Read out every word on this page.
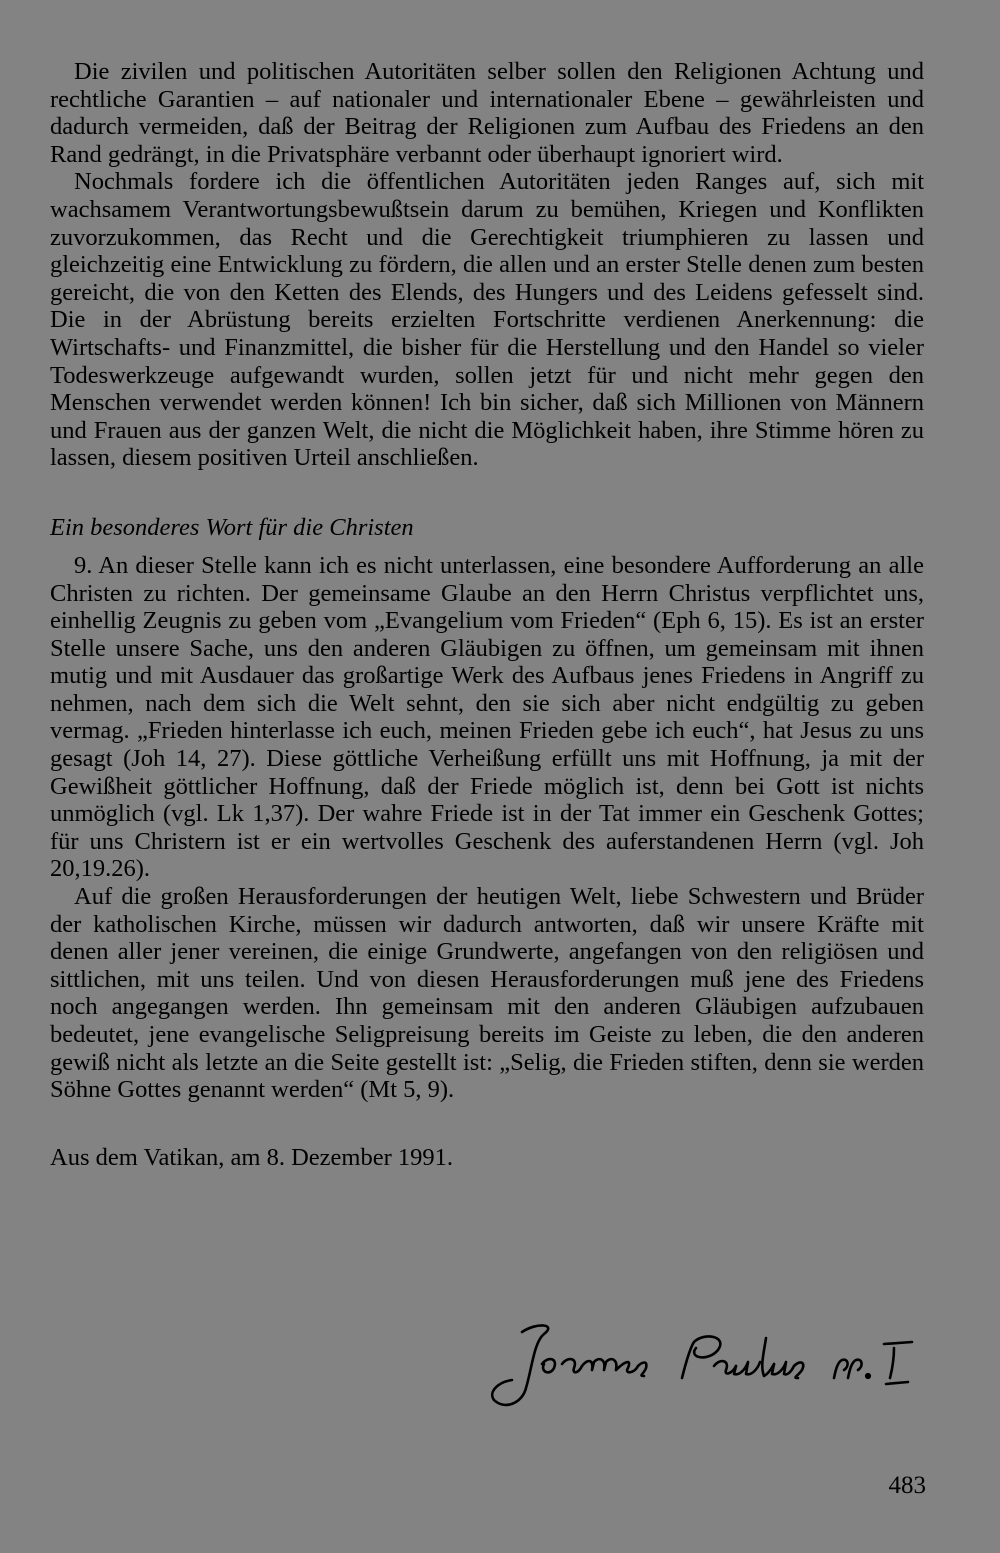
Die zivilen und politischen Autoritäten selber sollen den Religionen Achtung und rechtliche Garantien – auf nationaler und internationaler Ebene – gewährleisten und dadurch vermeiden, daß der Beitrag der Religionen zum Aufbau des Friedens an den Rand gedrängt, in die Privatsphäre verbannt oder überhaupt ignoriert wird.

Nochmals fordere ich die öffentlichen Autoritäten jeden Ranges auf, sich mit wachsamem Verantwortungsbewußtsein darum zu bemühen, Kriegen und Konflikten zuvorzukommen, das Recht und die Gerechtigkeit triumphieren zu lassen und gleichzeitig eine Entwicklung zu fördern, die allen und an erster Stelle denen zum besten gereicht, die von den Ketten des Elends, des Hungers und des Leidens gefesselt sind. Die in der Abrüstung bereits erzielten Fortschritte verdienen Anerkennung: die Wirtschafts- und Finanzmittel, die bisher für die Herstellung und den Handel so vieler Todeswerkzeuge aufgewandt wurden, sollen jetzt für und nicht mehr gegen den Menschen verwendet werden können! Ich bin sicher, daß sich Millionen von Männern und Frauen aus der ganzen Welt, die nicht die Möglichkeit haben, ihre Stimme hören zu lassen, diesem positiven Urteil anschließen.

Ein besonderes Wort für die Christen

9. An dieser Stelle kann ich es nicht unterlassen, eine besondere Aufforderung an alle Christen zu richten. Der gemeinsame Glaube an den Herrn Christus verpflichtet uns, einhellig Zeugnis zu geben vom „Evangelium vom Frieden“ (Eph 6, 15). Es ist an erster Stelle unsere Sache, uns den anderen Gläubigen zu öffnen, um gemeinsam mit ihnen mutig und mit Ausdauer das großartige Werk des Aufbaus jenes Friedens in Angriff zu nehmen, nach dem sich die Welt sehnt, den sie sich aber nicht endgültig zu geben vermag. „Frieden hinterlasse ich euch, meinen Frieden gebe ich euch“, hat Jesus zu uns gesagt (Joh 14, 27). Diese göttliche Verheißung erfüllt uns mit Hoffnung, ja mit der Gewißheit göttlicher Hoffnung, daß der Friede möglich ist, denn bei Gott ist nichts unmöglich (vgl. Lk 1,37). Der wahre Friede ist in der Tat immer ein Geschenk Gottes; für uns Christern ist er ein wertvolles Geschenk des auferstandenen Herrn (vgl. Joh 20,19.26).

Auf die großen Herausforderungen der heutigen Welt, liebe Schwestern und Brüder der katholischen Kirche, müssen wir dadurch antworten, daß wir unsere Kräfte mit denen aller jener vereinen, die einige Grundwerte, angefangen von den religiösen und sittlichen, mit uns teilen. Und von diesen Herausforderungen muß jene des Friedens noch angegangen werden. Ihn gemeinsam mit den anderen Gläubigen aufzubauen bedeutet, jene evangelische Seligpreisung bereits im Geiste zu leben, die den anderen gewiß nicht als letzte an die Seite gestellt ist: „Selig, die Frieden stiften, denn sie werden Söhne Gottes genannt werden“ (Mt 5, 9).

Aus dem Vatikan, am 8. Dezember 1991.
483
